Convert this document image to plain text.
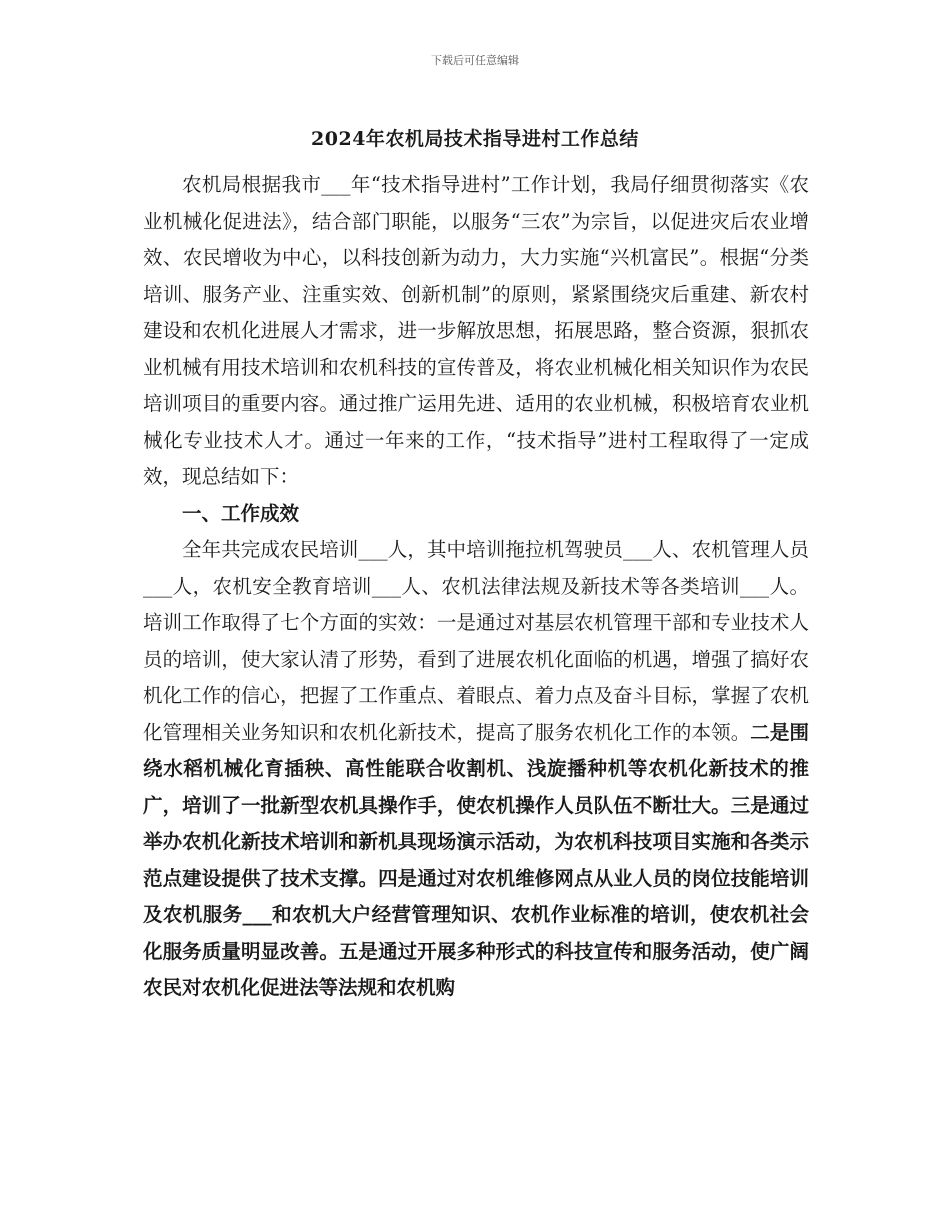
下载后可任意编辑
2024年农机局技术指导进村工作总结

农机局根据我市___年“技术指导进村”工作计划，我局仔细贯彻落实《农业机械化促进法》，结合部门职能，以服务“三农”为宗旨，以促进灾后农业增效、农民增收为中心，以科技创新为动力，大力实施“兴机富民”。根据“分类培训、服务产业、注重实效、创新机制”的原则，紧紧围绕灾后重建、新农村建设和农机化进展人才需求，进一步解放思想，拓展思路，整合资源，狠抓农业机械有用技术培训和农机科技的宣传普及，将农业机械化相关知识作为农民培训项目的重要内容。通过推广运用先进、适用的农业机械，积极培育农业机械化专业技术人才。通过一年来的工作，“技术指导”进村工程取得了一定成效，现总结如下：

一、工作成效

全年共完成农民培训___人，其中培训拖拉机驾驶员___人、农机管理人员___人，农机安全教育培训___人、农机法律法规及新技术等各类培训___人。培训工作取得了七个方面的实效：一是通过对基层农机管理干部和专业技术人员的培训，使大家认清了形势，看到了进展农机化面临的机遇，增强了搞好农机化工作的信心，把握了工作重点、着眼点、着力点及奋斗目标，掌握了农机化管理相关业务知识和农机化新技术，提高了服务农机化工作的本领。二是围绕水稻机械化育插秧、高性能联合收割机、浅旋播种机等农机化新技术的推广，培训了一批新型农机具操作手，使农机操作人员队伍不断壮大。三是通过举办农机化新技术培训和新机具现场演示活动，为农机科技项目实施和各类示范点建设提供了技术支撑。四是通过对农机维修网点从业人员的岗位技能培训及农机服务___和农机大户经营管理知识、农机作业标准的培训，使农机社会化服务质量明显改善。五是通过开展多种形式的科技宣传和服务活动，使广阔农民对农机化促进法等法规和农机购
